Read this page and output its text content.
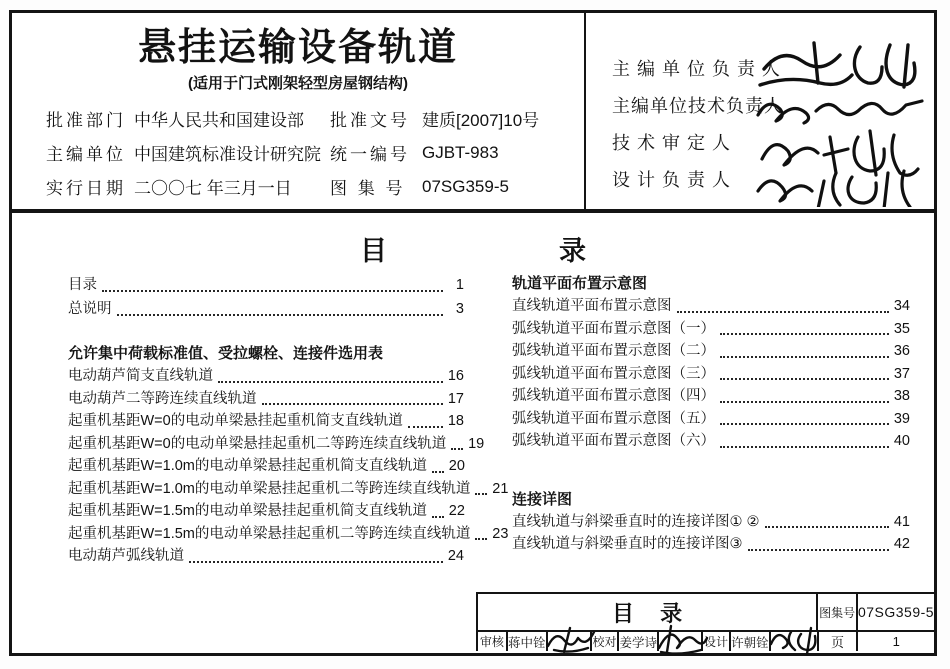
悬挂运输设备轨道
(适用于门式刚架轻型房屋钢结构)
批准部门 中华人民共和国建设部	批准文号 建质[2007]10号
主编单位 中国建筑标准设计研究院 统一编号 GJBT-983
实行日期 二〇〇七 年三月一日	图 集 号 07SG359-5
主 编 单 位 负 责 人
主编单位技术负责人
技 术 审 定 人
设 计 负 责 人
目	录
目录	1
总说明	3
允许集中荷载标准值、受拉螺栓、连接件选用表
电动葫芦简支直线轨道	16
电动葫芦二等跨连续直线轨道	17
起重机基距W=0的电动单梁悬挂起重机简支直线轨道	18
起重机基距W=0的电动单梁悬挂起重机二等跨连续直线轨道 19
起重机基距W=1.0m的电动单梁悬挂起重机简支直线轨道 20
起重机基距W=1.0m的电动单梁悬挂起重机二等跨连续直线轨道 21
起重机基距W=1.5m的电动单梁悬挂起重机简支直线轨道 22
起重机基距W=1.5m的电动单梁悬挂起重机二等跨连续直线轨道 23
电动葫芦弧线轨道	24
轨道平面布置示意图
直线轨道平面布置示意图	34
弧线轨道平面布置示意图（一）	35
弧线轨道平面布置示意图（二）	36
弧线轨道平面布置示意图（三）	37
弧线轨道平面布置示意图（四）	38
弧线轨道平面布置示意图（五）	39
弧线轨道平面布置示意图（六）	40
连接详图
直线轨道与斜梁垂直时的连接详图① ②	41
直线轨道与斜梁垂直时的连接详图③	42
目 录	图集号 07SG359-5
审核 蒋中铨	校对 姜学诗	设计 许朝铨	页	1
